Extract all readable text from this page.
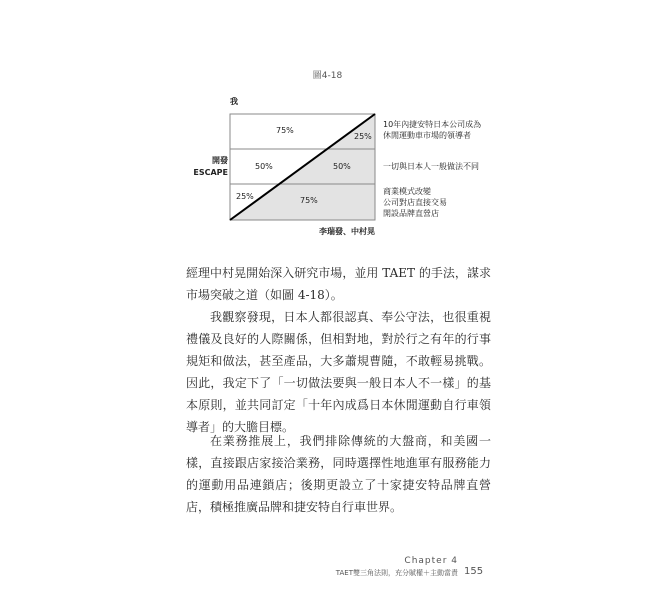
圖4-18
我
開發
ESCAPE
75%
25%
50%	50%
25%	75%
10年內捷安特日本公司成為
休閒運動車市場的領導者
一切與日本人一般做法不同
商業模式改變
公司對店直接交易
開設品牌直營店
李瑞發、中村晃

經理中村晃開始深入研究市場，並用 TAET 的手法，謀求市場突破之道（如圖 4-18）。

我觀察發現，日本人都很認真、奉公守法，也很重視禮儀及良好的人際關係，但相對地，對於行之有年的行事規矩和做法，甚至產品，大多蕭規曹隨，不敢輕易挑戰。因此，我定下了「一切做法要與一般日本人不一樣」的基本原則，並共同訂定「十年內成爲日本休閒運動自行車領導者」的大膽目標。

在業務推展上，我們排除傳統的大盤商，和美國一樣，直接跟店家接洽業務，同時選擇性地進軍有服務能力的運動用品連鎖店；後期更設立了十家捷安特品牌直營店，積極推廣品牌和捷安特自行車世界。

Chapter 4
TAET雙三角法則，充分賦權＋主動當責 155
